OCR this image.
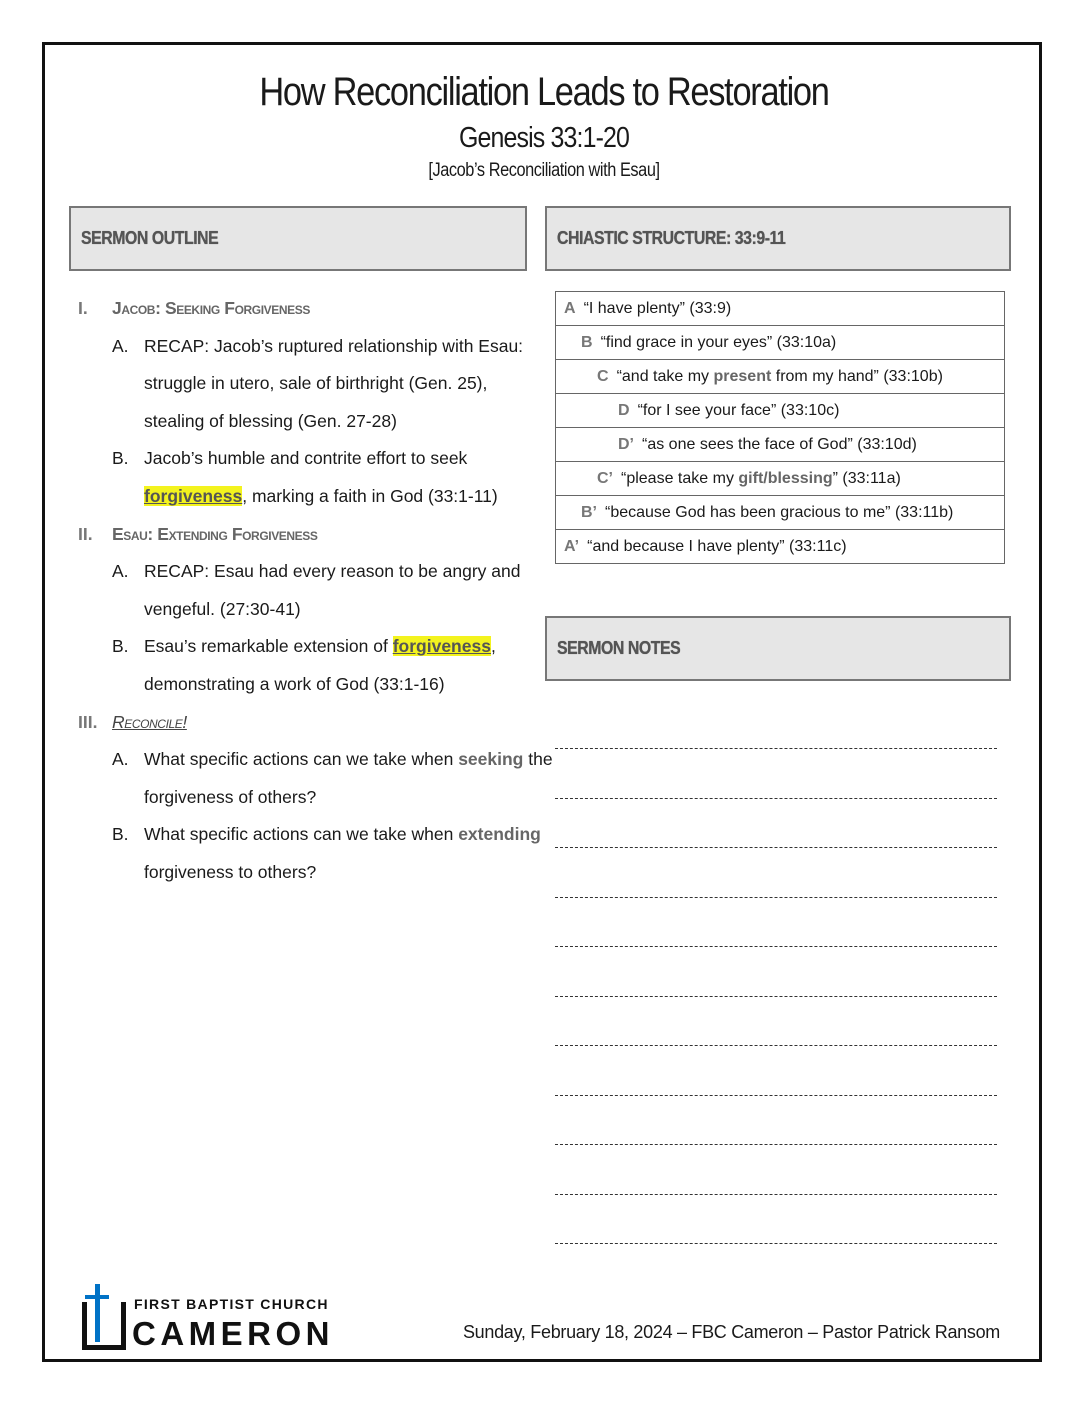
How Reconciliation Leads to Restoration
Genesis 33:1-20
[Jacob’s Reconciliation with Esau]
SERMON OUTLINE	CHIASTIC STRUCTURE: 33:9-11
SERMON NOTES
I. Jacob: Seeking Forgiveness
A. RECAP: Jacob’s ruptured relationship with Esau:
struggle in utero, sale of birthright (Gen. 25),
stealing of blessing (Gen. 27-28)
B. Jacob’s humble and contrite effort to seek
forgiveness, marking a faith in God (33:1-11)
II. Esau: Extending Forgiveness
A. RECAP: Esau had every reason to be angry and
vengeful. (27:30-41)
B. Esau’s remarkable extension of forgiveness,
demonstrating a work of God (33:1-16)
III. Reconcile!
A. What specific actions can we take when seeking the
forgiveness of others?
B. What specific actions can we take when extending
forgiveness to others?
A “I have plenty” (33:9)
B “find grace in your eyes” (33:10a)
C “and take my present from my hand” (33:10b)
D “for I see your face” (33:10c)
D’ “as one sees the face of God” (33:10d)
C’ “please take my gift/blessing” (33:11a)
B’ “because God has been gracious to me” (33:11b)
A’ “and because I have plenty” (33:11c)
FIRST BAPTIST CHURCH
CAMERON	Sunday, February 18, 2024 – FBC Cameron – Pastor Patrick Ransom
